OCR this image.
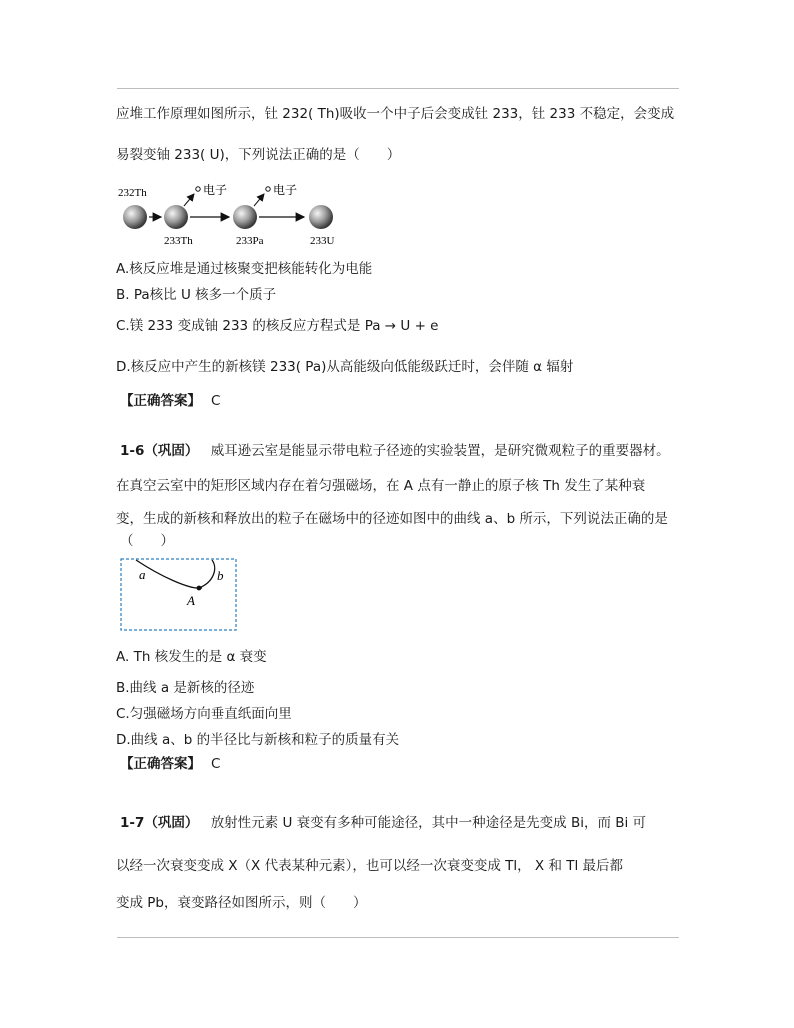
应堆工作原理如图所示，钍 232( Th)吸收一个中子后会变成钍 233，钍 233 不稳定，会变成
易裂变铀 233( U)，下列说法正确的是（　　）
232Th
233Th
电子
233Pa
电子
233U
A.核反应堆是通过核聚变把核能转化为电能
B. Pa核比 U 核多一个质子
C.镁 233 变成铀 233 的核反应方程式是 Pa → U + e
D.核反应中产生的新核镁 233( Pa)从高能级向低能级跃迁时，会伴随 α 辐射
【正确答案】 C
1-6（巩固） 威耳逊云室是能显示带电粒子径迹的实验装置，是研究微观粒子的重要器材。
在真空云室中的矩形区域内存在着匀强磁场，在 A 点有一静止的原子核 Th 发生了某种衰
变，生成的新核和释放出的粒子在磁场中的径迹如图中的曲线 a、b 所示，下列说法正确的是
（　　）
a	b
A
A. Th 核发生的是 α 衰变
B.曲线 a 是新核的径迹
C.匀强磁场方向垂直纸面向里
D.曲线 a、b 的半径比与新核和粒子的质量有关
【正确答案】 C
1-7（巩固） 放射性元素 U 衰变有多种可能途径，其中一种途径是先变成 Bi，而 Bi 可
以经一次衰变变成 X（X 代表某种元素），也可以经一次衰变变成 Tl， X 和 Tl 最后都
变成 Pb，衰变路径如图所示，则（　　）
